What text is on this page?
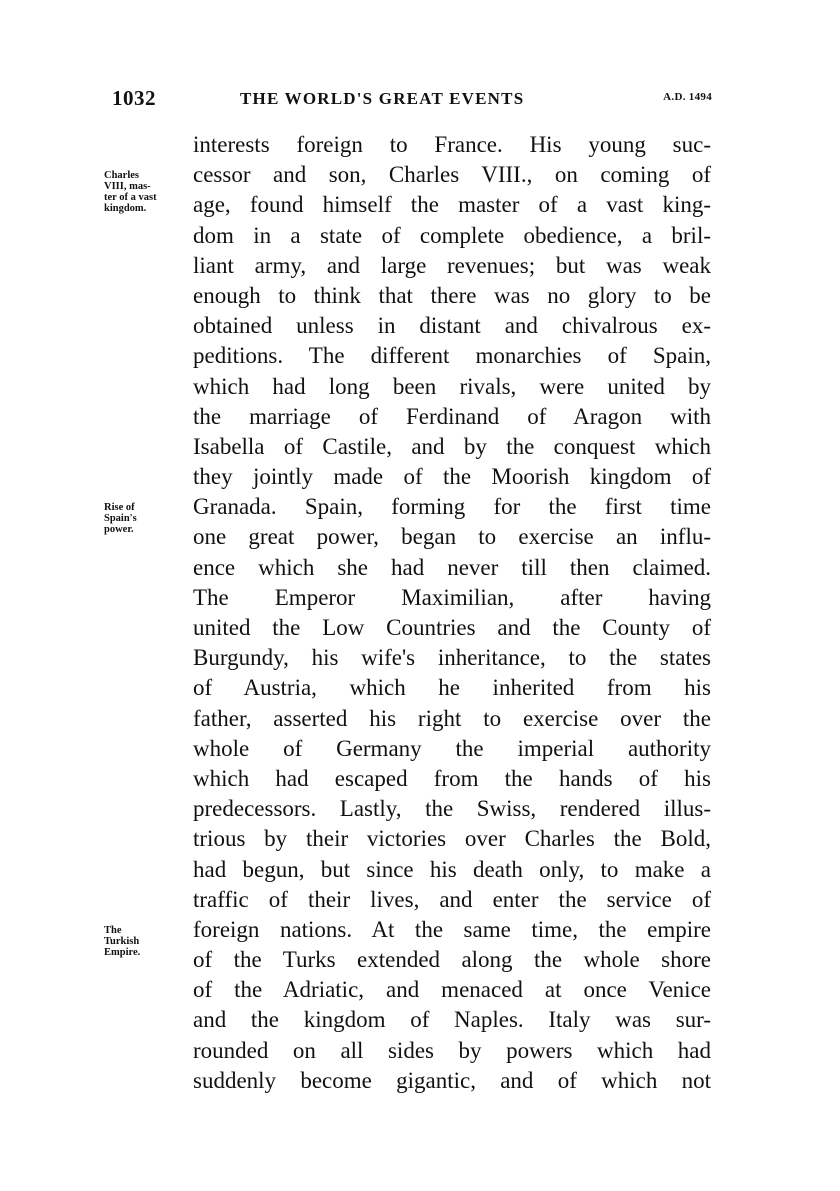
1032	THE WORLD'S GREAT EVENTS	A.D. 1494
Charles
VIII, mas-
ter of a vast
kingdom.
Rise of
Spain's
power.
The
Turkish
Empire.
interests foreign to France. His young suc-
cessor and son, Charles VIII., on coming of
age, found himself the master of a vast king-
dom in a state of complete obedience, a bril-
liant army, and large revenues; but was weak
enough to think that there was no glory to be
obtained unless in distant and chivalrous ex-
peditions. The different monarchies of Spain,
which had long been rivals, were united by
the marriage of Ferdinand of Aragon with
Isabella of Castile, and by the conquest which
they jointly made of the Moorish kingdom of
Granada. Spain, forming for the first time
one great power, began to exercise an influ-
ence which she had never till then claimed.
The Emperor Maximilian, after having
united the Low Countries and the County of
Burgundy, his wife's inheritance, to the states
of Austria, which he inherited from his
father, asserted his right to exercise over the
whole of Germany the imperial authority
which had escaped from the hands of his
predecessors. Lastly, the Swiss, rendered illus-
trious by their victories over Charles the Bold,
had begun, but since his death only, to make a
traffic of their lives, and enter the service of
foreign nations. At the same time, the empire
of the Turks extended along the whole shore
of the Adriatic, and menaced at once Venice
and the kingdom of Naples. Italy was sur-
rounded on all sides by powers which had
suddenly become gigantic, and of which not
